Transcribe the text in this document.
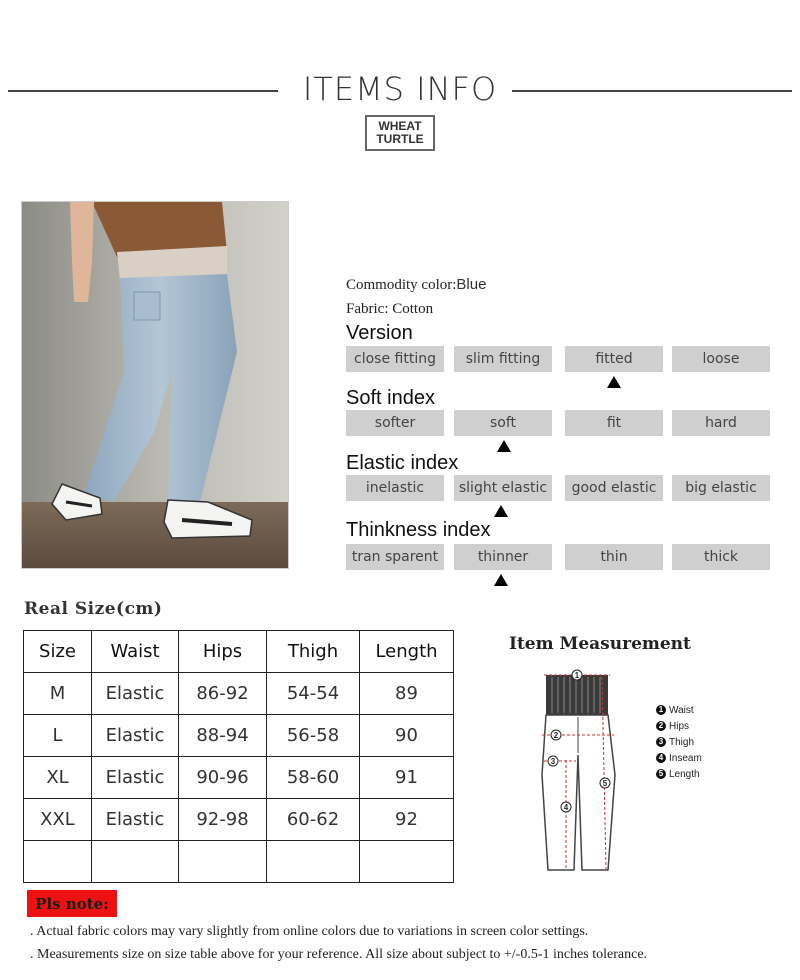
ITEMS INFO
WHEAT
TURTLE
Commodity color:Blue
Fabric: Cotton
Version
close fitting	slim fitting	fitted	loose
Soft index
softer	soft	fit	hard
Elastic index
inelastic	slight elastic	good elastic	big elastic
Thinkness index
tran sparent	thinner	thin	thick
Real Size(cm)
Size	Waist	Hips	Thigh	Length
M	Elastic	86-92	54-54	89
L	Elastic	88-94	56-58	90
XL	Elastic	90-96	58-60	91
XXL	Elastic	92-98	60-62	92

Item Measurement
1
2
3
4
5
1 Waist
2 Hips
3 Thigh
4 Inseam
5 Length
Pls note:
. Actual fabric colors may vary slightly from online colors due to variations in screen color settings.
. Measurements size on size table above for your reference. All size about subject to +/-0.5-1 inches tolerance.
